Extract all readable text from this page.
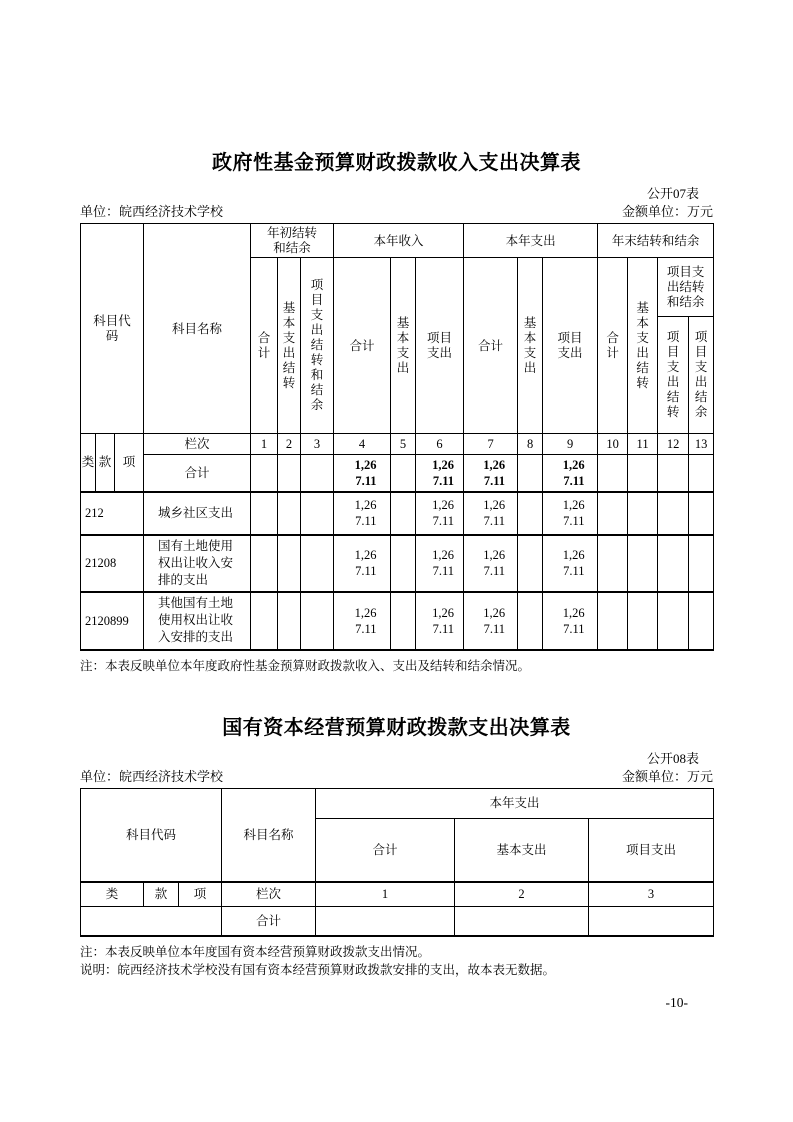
政府性基金预算财政拨款收入支出决算表
公开07表
单位：皖西经济技术学校	金额单位：万元
科目代码			科目名称	年初结转和结余			本年收入			本年支出			年末结转和结余			
				合计	基本支出结转	项目支出结转和结余	合计	基本支出	项目支出	合计	基本支出	项目支出	合计	基本支出结转	项目支出结转和结余	
															项目支出结转	项目支出结余
类	款	项	栏次	1	2	3	4	5	6	7	8	9	10	11	12	13
			合计				1,267.11		1,267.11	1,267.11		1,267.11				
212			城乡社区支出				1,267.11		1,267.11	1,267.11		1,267.11				
21208			国有土地使用权出让收入安排的支出				1,267.11		1,267.11	1,267.11		1,267.11				
2120899			其他国有土地使用权出让收入安排的支出				1,267.11		1,267.11	1,267.11		1,267.11				
注：本表反映单位本年度政府性基金预算财政拨款收入、支出及结转和结余情况。
国有资本经营预算财政拨款支出决算表
公开08表
单位：皖西经济技术学校	金额单位：万元
科目代码			科目名称	本年支出		
				合计	基本支出	项目支出
类	款	项	栏次	1	2	3
			合计			
注：本表反映单位本年度国有资本经营预算财政拨款支出情况。
说明：皖西经济技术学校没有国有资本经营预算财政拨款安排的支出，故本表无数据。
-10-
